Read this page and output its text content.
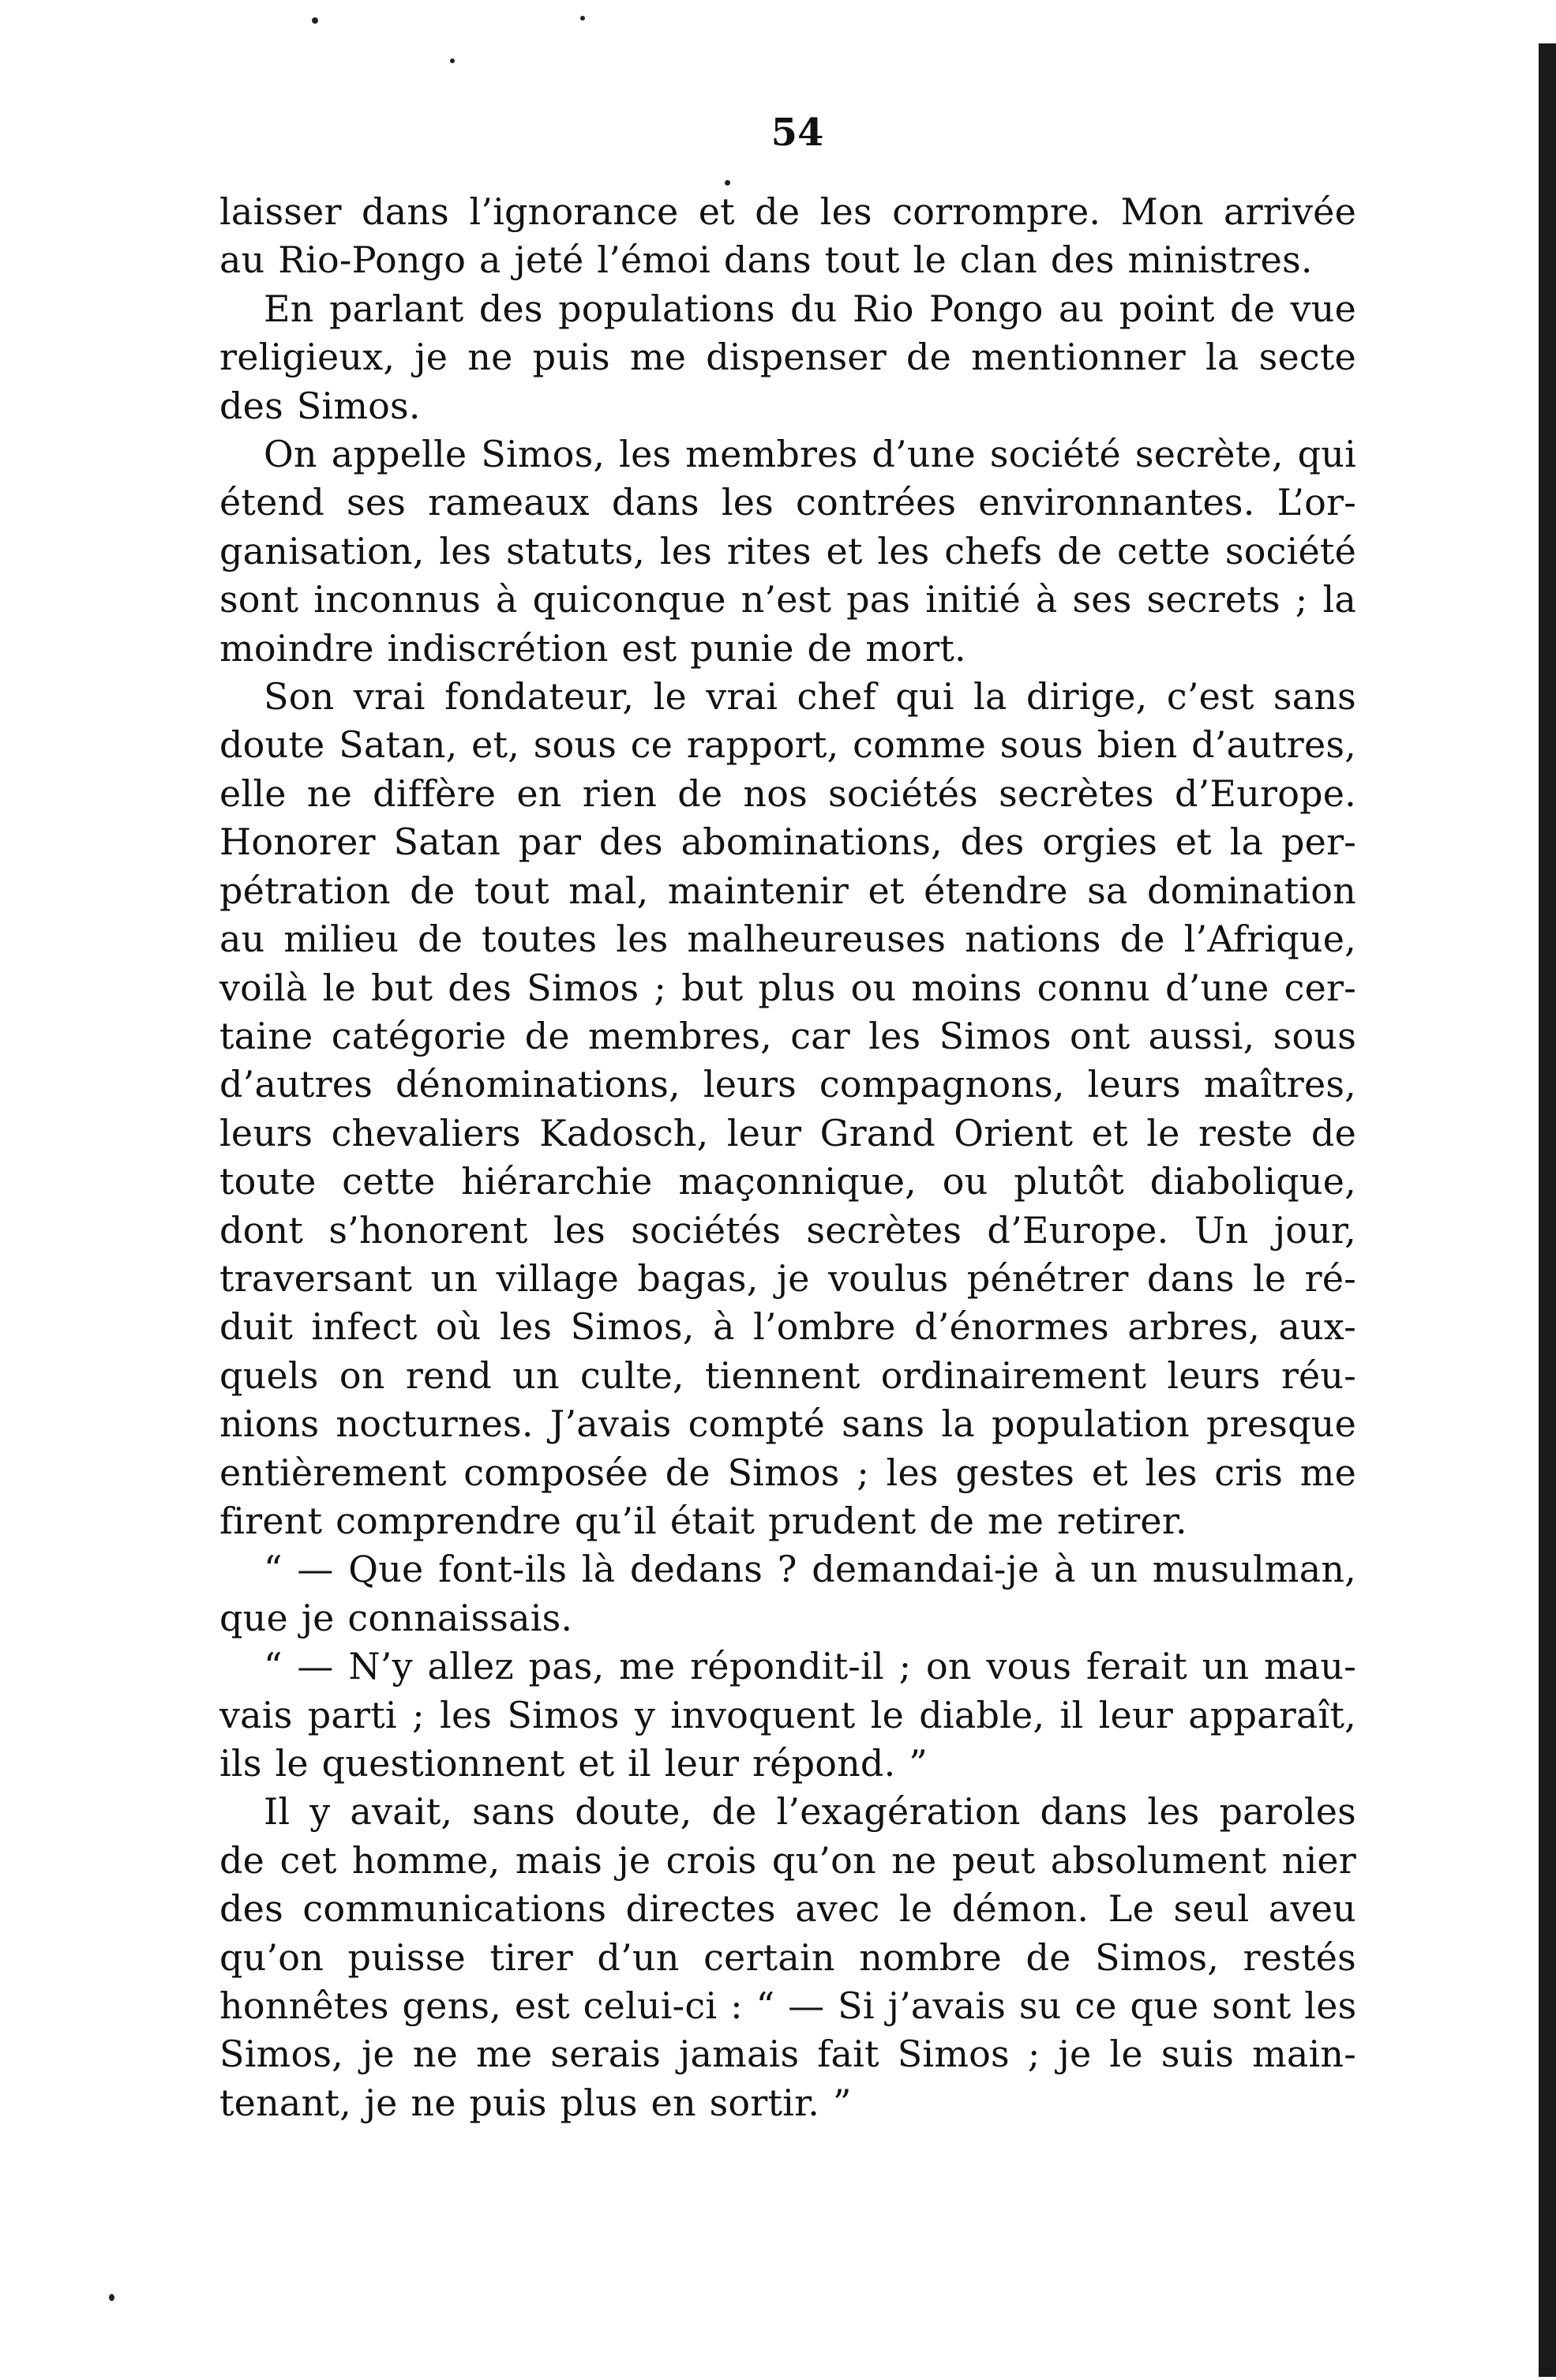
54
laisser dans l’ignorance et de les corrompre. Mon arrivée
au Rio-Pongo a jeté l’émoi dans tout le clan des ministres.
En parlant des populations du Rio Pongo au point de vue
religieux, je ne puis me dispenser de mentionner la secte
des Simos.
On appelle Simos, les membres d’une société secrète, qui
étend ses rameaux dans les contrées environnantes. L’or-
ganisation, les statuts, les rites et les chefs de cette société
sont inconnus à quiconque n’est pas initié à ses secrets ; la
moindre indiscrétion est punie de mort.
Son vrai fondateur, le vrai chef qui la dirige, c’est sans
doute Satan, et, sous ce rapport, comme sous bien d’autres,
elle ne diffère en rien de nos sociétés secrètes d’Europe.
Honorer Satan par des abominations, des orgies et la per-
pétration de tout mal, maintenir et étendre sa domination
au milieu de toutes les malheureuses nations de l’Afrique,
voilà le but des Simos ; but plus ou moins connu d’une cer-
taine catégorie de membres, car les Simos ont aussi, sous
d’autres dénominations, leurs compagnons, leurs maîtres,
leurs chevaliers Kadosch, leur Grand Orient et le reste de
toute cette hiérarchie maçonnique, ou plutôt diabolique,
dont s’honorent les sociétés secrètes d’Europe. Un jour,
traversant un village bagas, je voulus pénétrer dans le ré-
duit infect où les Simos, à l’ombre d’énormes arbres, aux-
quels on rend un culte, tiennent ordinairement leurs réu-
nions nocturnes. J’avais compté sans la population presque
entièrement composée de Simos ; les gestes et les cris me
firent comprendre qu’il était prudent de me retirer.
“ — Que font-ils là dedans ? demandai-je à un musulman,
que je connaissais.
“ — N’y allez pas, me répondit-il ; on vous ferait un mau-
vais parti ; les Simos y invoquent le diable, il leur apparaît,
ils le questionnent et il leur répond. ”
Il y avait, sans doute, de l’exagération dans les paroles
de cet homme, mais je crois qu’on ne peut absolument nier
des communications directes avec le démon. Le seul aveu
qu’on puisse tirer d’un certain nombre de Simos, restés
honnêtes gens, est celui-ci : “ — Si j’avais su ce que sont les
Simos, je ne me serais jamais fait Simos ; je le suis main-
tenant, je ne puis plus en sortir. ”
